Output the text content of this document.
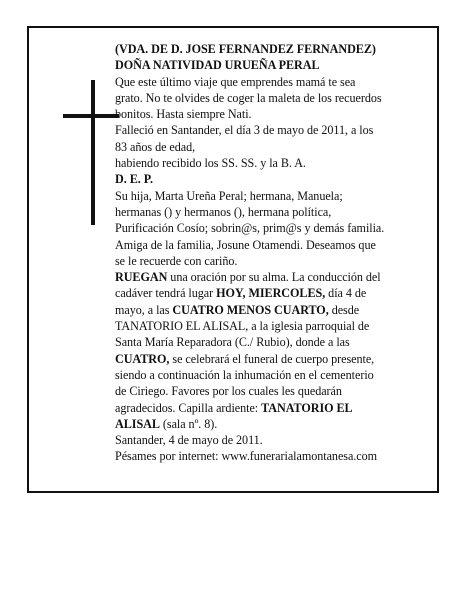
(VDA. DE D. JOSE FERNANDEZ FERNANDEZ)
DOÑA NATIVIDAD URUEÑA PERAL
Que este último viaje que emprendes mamá te sea
grato. No te olvides de coger la maleta de los recuerdos
bonitos. Hasta siempre Nati.
Falleció en Santander, el día 3 de mayo de 2011, a los
83 años de edad,
habiendo recibido los SS. SS. y la B. A.
D. E. P.
Su hija, Marta Ureña Peral; hermana, Manuela;
hermanas () y hermanos (), hermana política,
Purificación Cosío; sobrin@s, prim@s y demás familia.
Amiga de la familia, Josune Otamendi. Deseamos que
se le recuerde con cariño.
RUEGAN una oración por su alma. La conducción del
cadáver tendrá lugar HOY, MIERCOLES, día 4 de
mayo, a las CUATRO MENOS CUARTO, desde
TANATORIO EL ALISAL, a la iglesia parroquial de
Santa María Reparadora (C./ Rubio), donde a las
CUATRO, se celebrará el funeral de cuerpo presente,
siendo a continuación la inhumación en el cementerio
de Ciriego. Favores por los cuales les quedarán
agradecidos. Capilla ardiente: TANATORIO EL
ALISAL (sala nº. 8).
Santander, 4 de mayo de 2011.
Pésames por internet: www.funerarialamontanesa.com
